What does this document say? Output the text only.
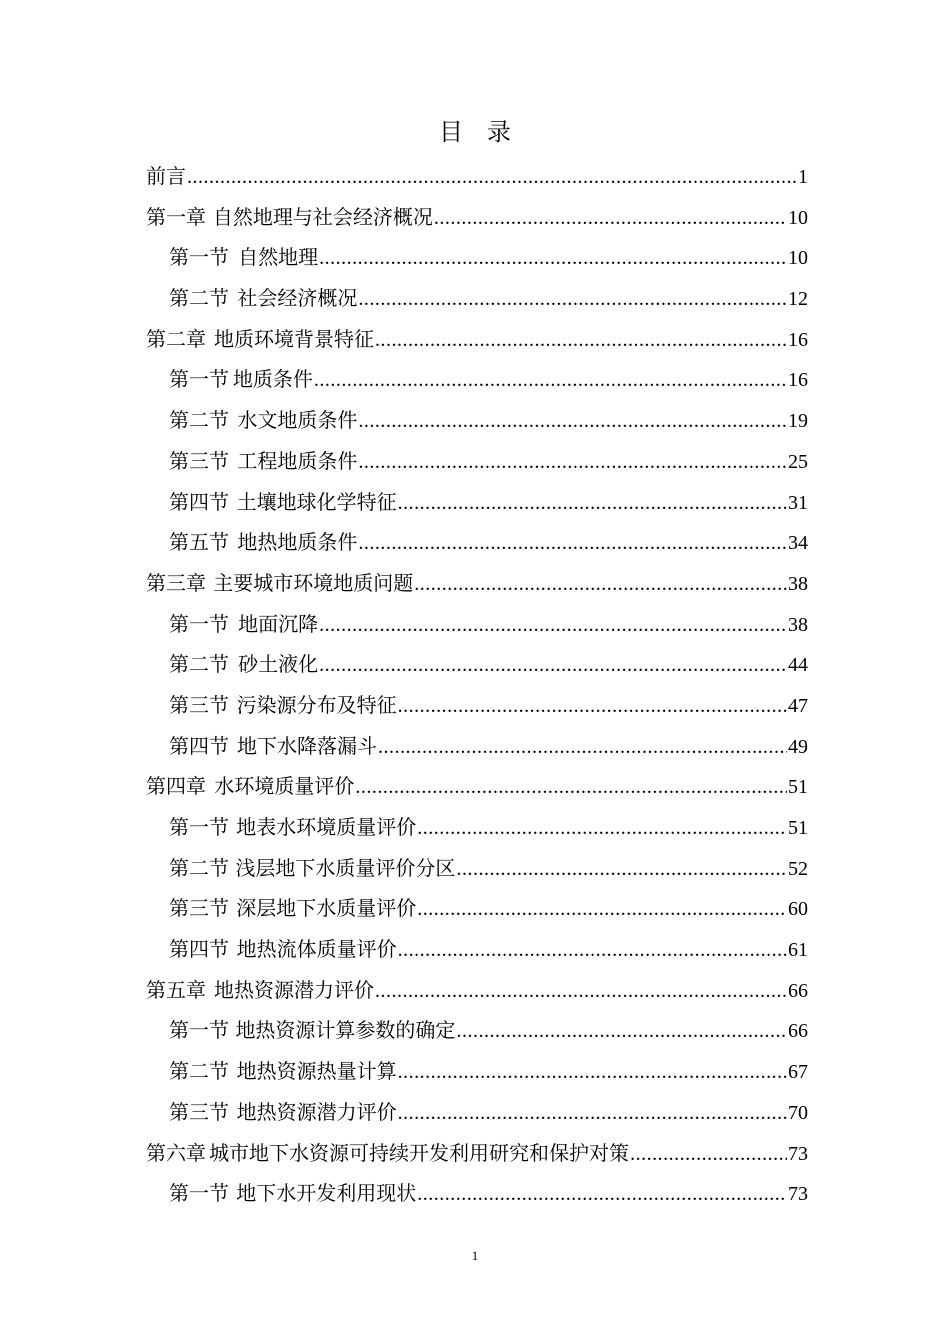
目　录
前言 .....	1
第一章 自然地理与社会经济概况 .....	10
第一节 自然地理 .....	10
第二节 社会经济概况 .....	12
第二章 地质环境背景特征 .....	16
第一节 地质条件 .....	16
第二节 水文地质条件 .....	19
第三节 工程地质条件 .....	25
第四节 土壤地球化学特征 .....	31
第五节 地热地质条件 .....	34
第三章 主要城市环境地质问题 .....	38
第一节 地面沉降 .....	38
第二节 砂土液化 .....	44
第三节 污染源分布及特征 .....	47
第四节 地下水降落漏斗 .....	49
第四章 水环境质量评价 .....	51
第一节 地表水环境质量评价 .....	51
第二节 浅层地下水质量评价分区 .....	52
第三节 深层地下水质量评价 .....	60
第四节 地热流体质量评价 .....	61
第五章 地热资源潜力评价 .....	66
第一节 地热资源计算参数的确定 .....	66
第二节 地热资源热量计算 .....	67
第三节 地热资源潜力评价 .....	70
第六章 城市地下水资源可持续开发利用研究和保护对策 .....	73
第一节 地下水开发利用现状 .....	73
1
